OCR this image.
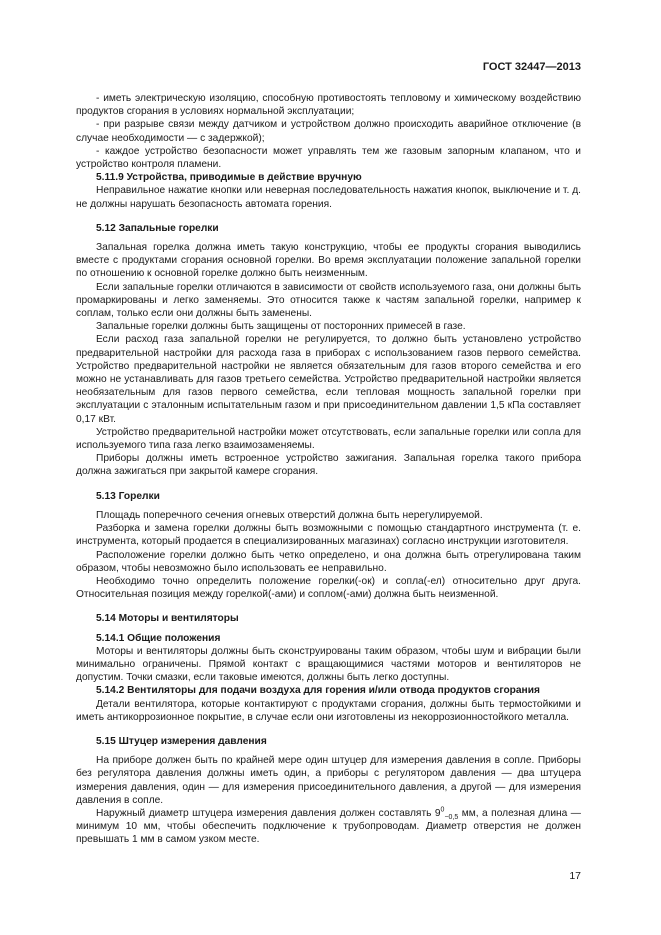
ГОСТ 32447—2013

- иметь электрическую изоляцию, способную противостоять тепловому и химическому воздействию продуктов сгорания в условиях нормальной эксплуатации;

- при разрыве связи между датчиком и устройством должно происходить аварийное отключение (в случае необходимости — с задержкой);

- каждое устройство безопасности может управлять тем же газовым запорным клапаном, что и устройство контроля пламени.

5.11.9 Устройства, приводимые в действие вручную

Неправильное нажатие кнопки или неверная последовательность нажатия кнопок, выключение и т. д. не должны нарушать безопасность автомата горения.

5.12 Запальные горелки

Запальная горелка должна иметь такую конструкцию, чтобы ее продукты сгорания выводились вместе с продуктами сгорания основной горелки. Во время эксплуатации положение запальной горелки по отношению к основной горелке должно быть неизменным.

Если запальные горелки отличаются в зависимости от свойств используемого газа, они должны быть промаркированы и легко заменяемы. Это относится также к частям запальной горелки, например к соплам, только если они должны быть заменены.

Запальные горелки должны быть защищены от посторонних примесей в газе.

Если расход газа запальной горелки не регулируется, то должно быть установлено устройство предварительной настройки для расхода газа в приборах с использованием газов первого семейства. Устройство предварительной настройки не является обязательным для газов второго семейства и его можно не устанавливать для газов третьего семейства. Устройство предварительной настройки является необязательным для газов первого семейства, если тепловая мощность запальной горелки при эксплуатации с эталонным испытательным газом и при присоединительном давлении 1,5 кПа составляет 0,17 кВт.

Устройство предварительной настройки может отсутствовать, если запальные горелки или сопла для используемого типа газа легко взаимозаменяемы.

Приборы должны иметь встроенное устройство зажигания. Запальная горелка такого прибора должна зажигаться при закрытой камере сгорания.

5.13 Горелки

Площадь поперечного сечения огневых отверстий должна быть нерегулируемой.

Разборка и замена горелки должны быть возможными с помощью стандартного инструмента (т. е. инструмента, который продается в специализированных магазинах) согласно инструкции изготовителя.

Расположение горелки должно быть четко определено, и она должна быть отрегулирована таким образом, чтобы невозможно было использовать ее неправильно.

Необходимо точно определить положение горелки(-ок) и сопла(-ел) относительно друг друга. Относительная позиция между горелкой(-ами) и соплом(-ами) должна быть неизменной.

5.14 Моторы и вентиляторы

5.14.1 Общие положения

Моторы и вентиляторы должны быть сконструированы таким образом, чтобы шум и вибрации были минимально ограничены. Прямой контакт с вращающимися частями моторов и вентиляторов не допустим. Точки смазки, если таковые имеются, должны быть легко доступны.

5.14.2 Вентиляторы для подачи воздуха для горения и/или отвода продуктов сгорания

Детали вентилятора, которые контактируют с продуктами сгорания, должны быть термостойкими и иметь антикоррозионное покрытие, в случае если они изготовлены из некоррозионностойкого металла.

5.15 Штуцер измерения давления

На приборе должен быть по крайней мере один штуцер для измерения давления в сопле. Приборы без регулятора давления должны иметь один, а приборы с регулятором давления — два штуцера измерения давления, один — для измерения присоединительного давления, а другой — для измерения давления в сопле.

Наружный диаметр штуцера измерения давления должен составлять $9^0_{-0,5}$ мм, а полезная длина — минимум 10 мм, чтобы обеспечить подключение к трубопроводам. Диаметр отверстия не должен превышать 1 мм в самом узком месте.

17
